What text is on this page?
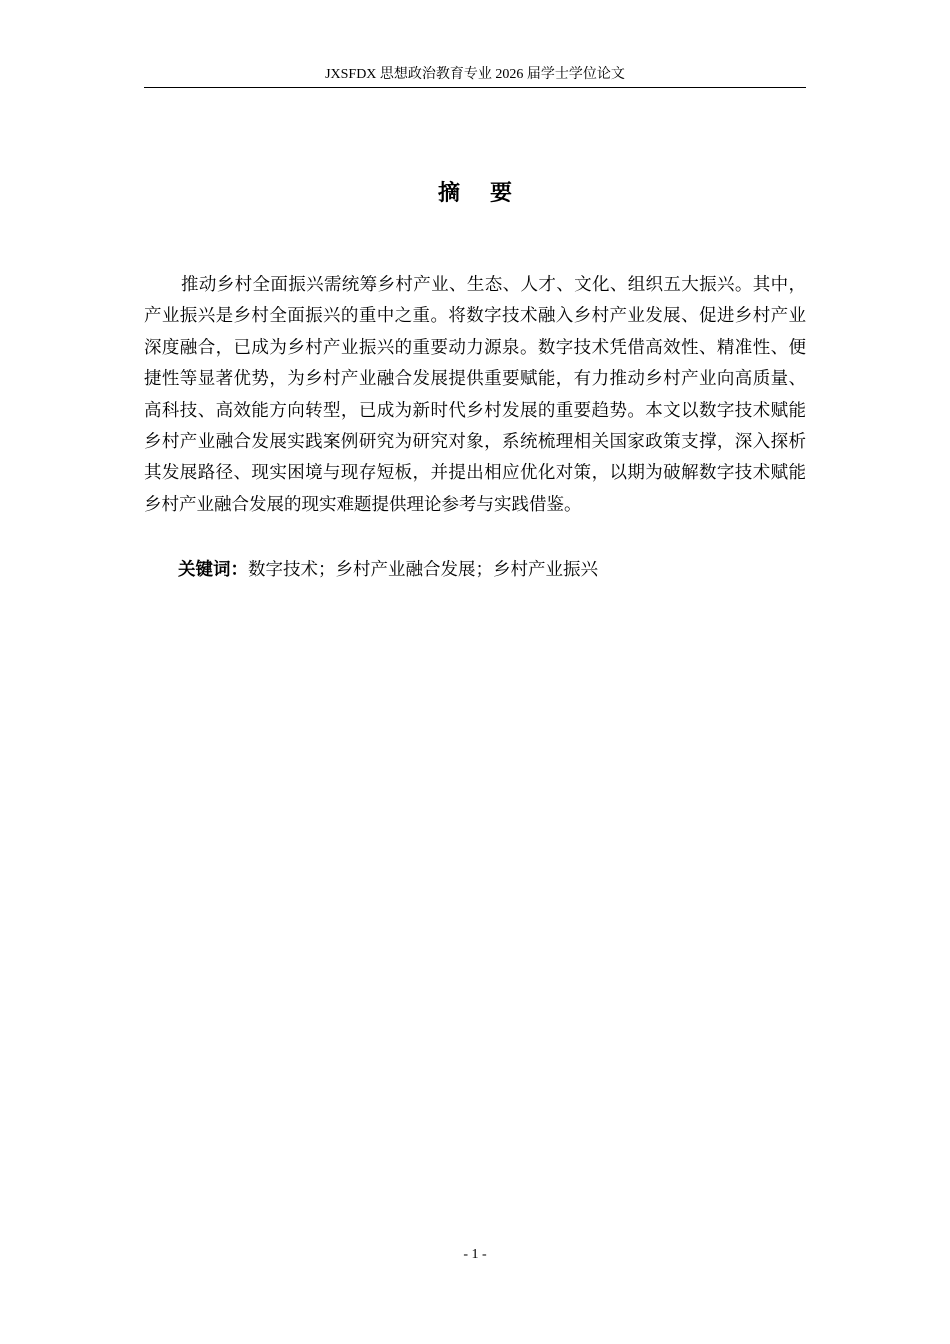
JXSFDX 思想政治教育专业 2026 届学士学位论文
摘 要

推动乡村全面振兴需统筹乡村产业、生态、人才、文化、组织五大振兴。其中，产业振兴是乡村全面振兴的重中之重。将数字技术融入乡村产业发展、促进乡村产业深度融合，已成为乡村产业振兴的重要动力源泉。数字技术凭借高效性、精准性、便捷性等显著优势，为乡村产业融合发展提供重要赋能，有力推动乡村产业向高质量、高科技、高效能方向转型，已成为新时代乡村发展的重要趋势。本文以数字技术赋能乡村产业融合发展实践案例研究为研究对象，系统梳理相关国家政策支撑，深入探析其发展路径、现实困境与现存短板，并提出相应优化对策，以期为破解数字技术赋能乡村产业融合发展的现实难题提供理论参考与实践借鉴。

关键词：数字技术；乡村产业融合发展；乡村产业振兴

- 1 -
